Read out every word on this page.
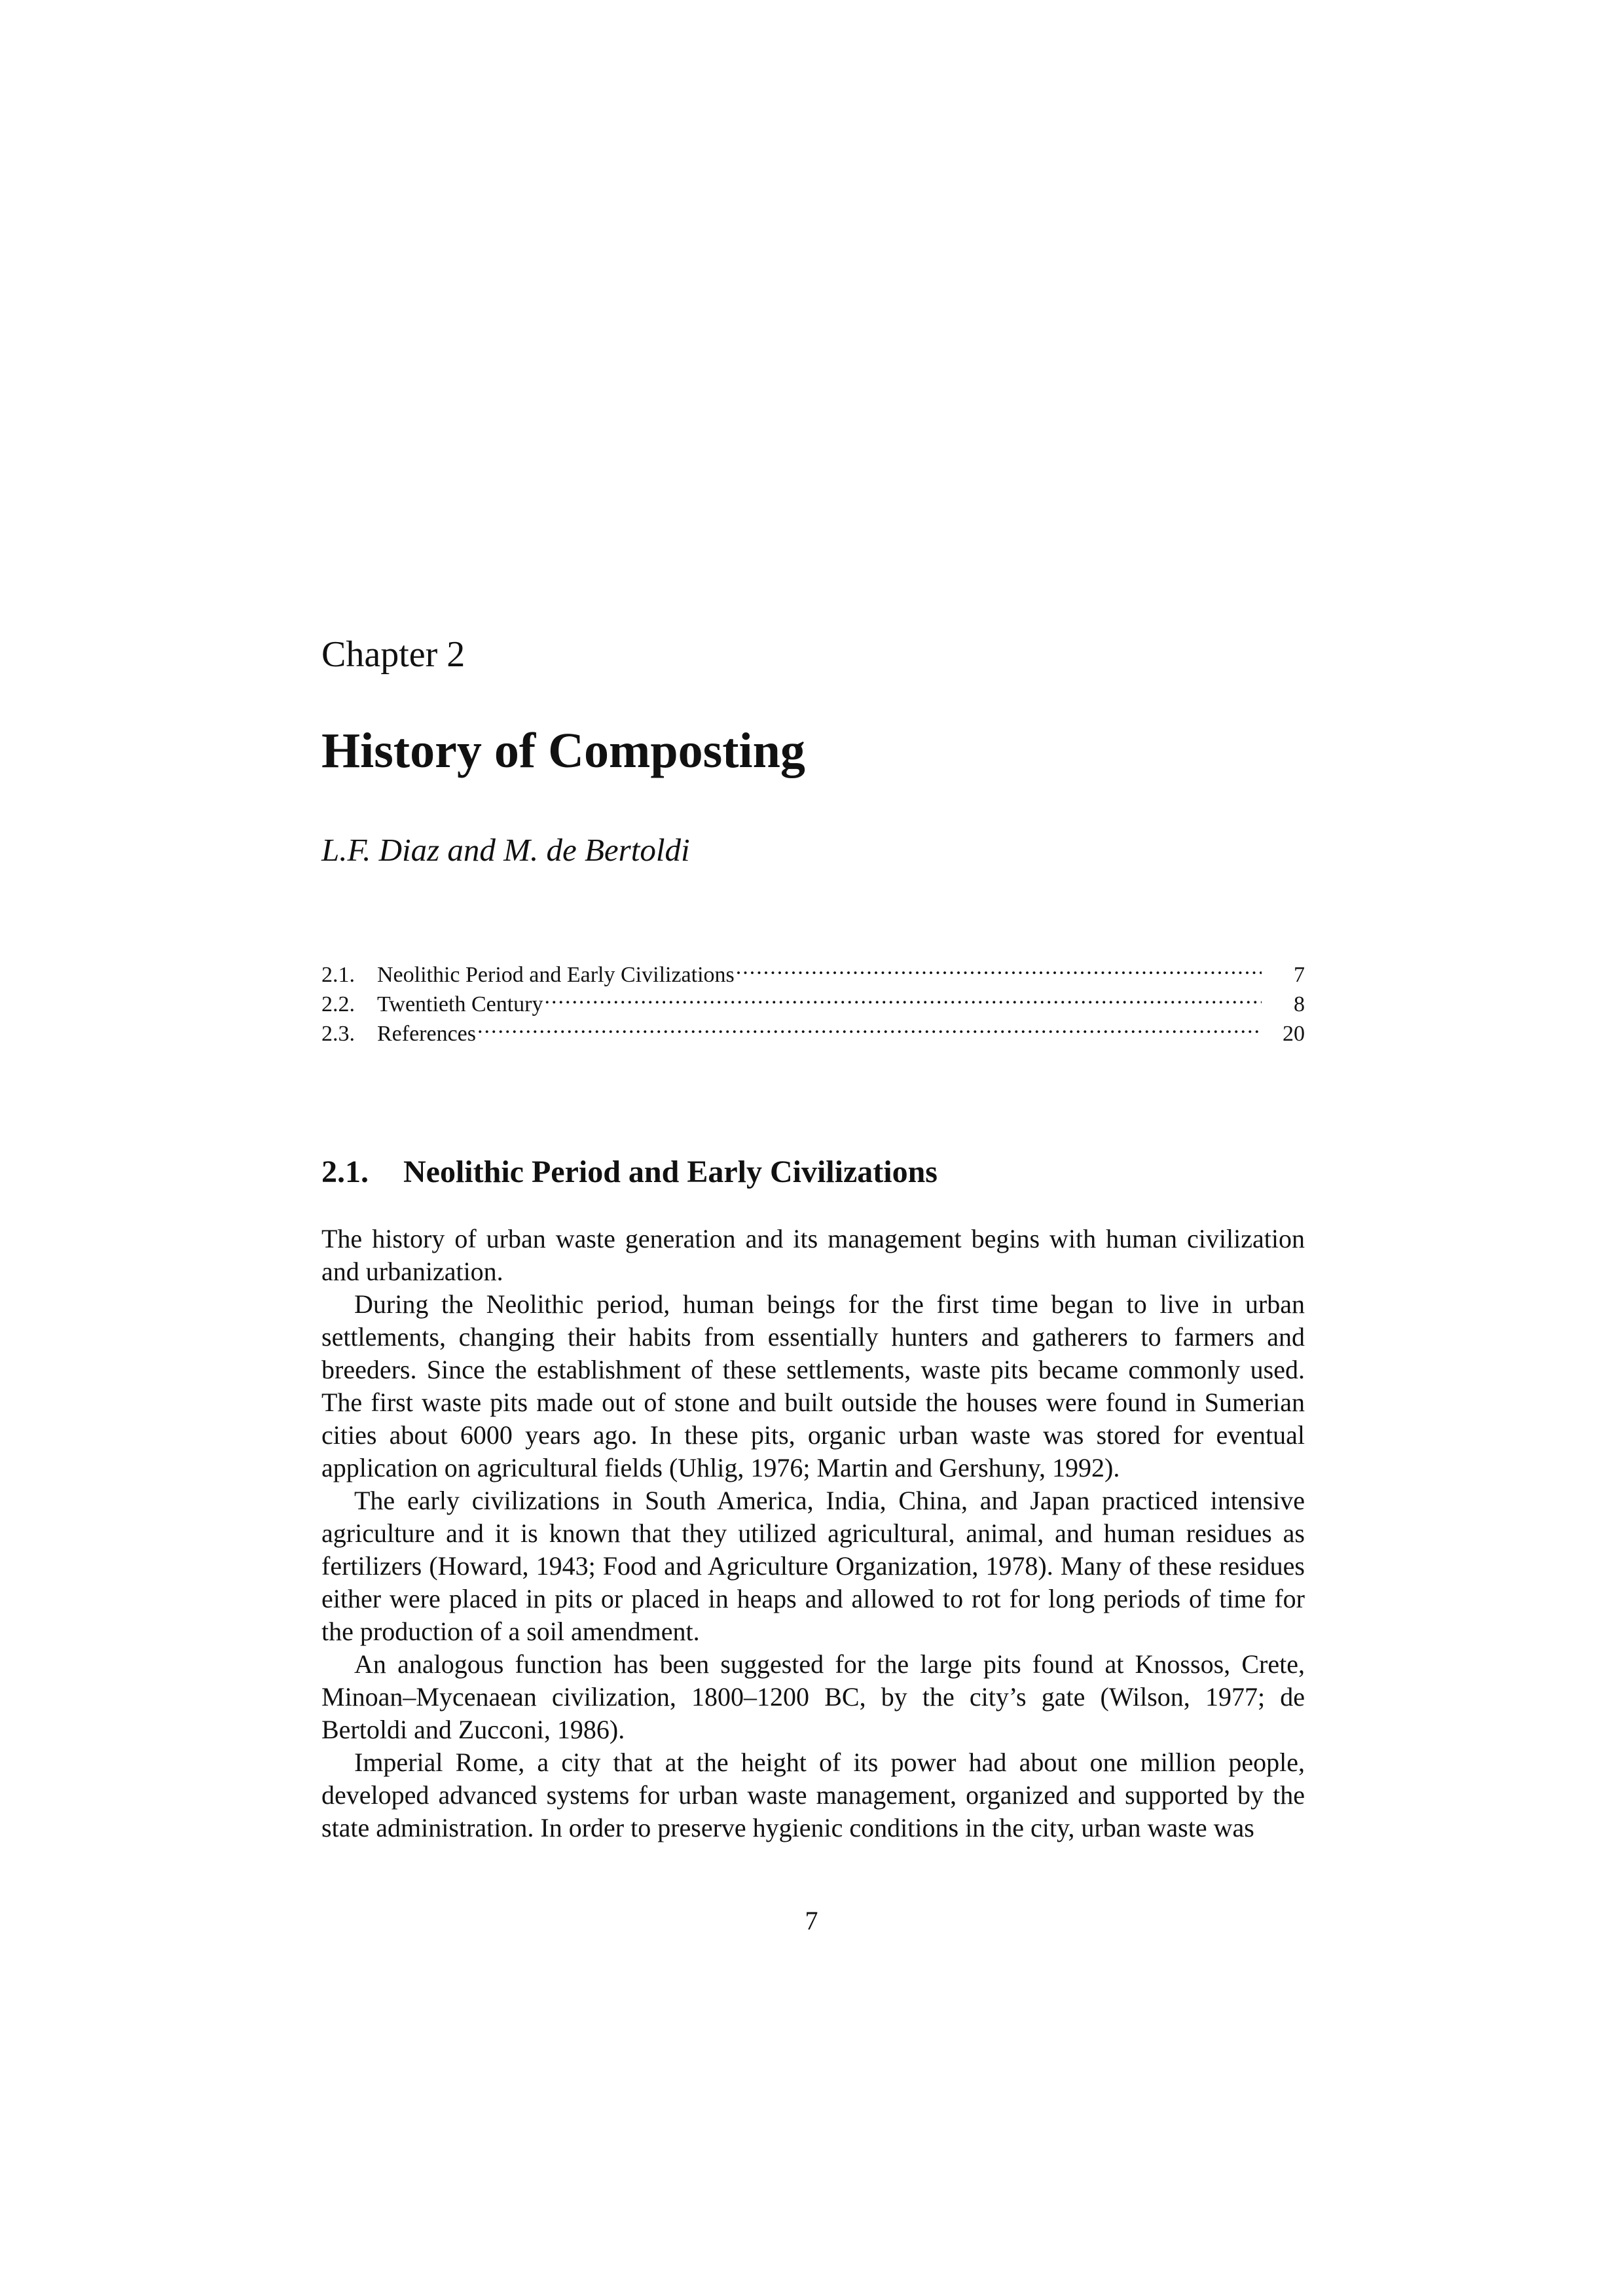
Chapter 2
History of Composting
L.F. Diaz and M. de Bertoldi
2.1.	Neolithic Period and Early Civilizations .....	7
2.2.	Twentieth Century .....	8
2.3.	References .....	20
2.1. Neolithic Period and Early Civilizations

The history of urban waste generation and its management begins with human civilization and urbanization.

During the Neolithic period, human beings for the first time began to live in urban settlements, changing their habits from essentially hunters and gatherers to farmers and breeders. Since the establishment of these settlements, waste pits became commonly used. The first waste pits made out of stone and built outside the houses were found in Sumerian cities about 6000 years ago. In these pits, organic urban waste was stored for eventual application on agricultural fields (Uhlig, 1976; Martin and Gershuny, 1992).

The early civilizations in South America, India, China, and Japan practiced intensive agriculture and it is known that they utilized agricultural, animal, and human residues as fertilizers (Howard, 1943; Food and Agriculture Organization, 1978). Many of these residues either were placed in pits or placed in heaps and allowed to rot for long periods of time for the production of a soil amendment.

An analogous function has been suggested for the large pits found at Knossos, Crete, Minoan–Mycenaean civilization, 1800–1200 BC, by the city’s gate (Wilson, 1977; de Bertoldi and Zucconi, 1986).

Imperial Rome, a city that at the height of its power had about one million people, developed advanced systems for urban waste management, organized and supported by the state administration. In order to preserve hygienic conditions in the city, urban waste was

7
